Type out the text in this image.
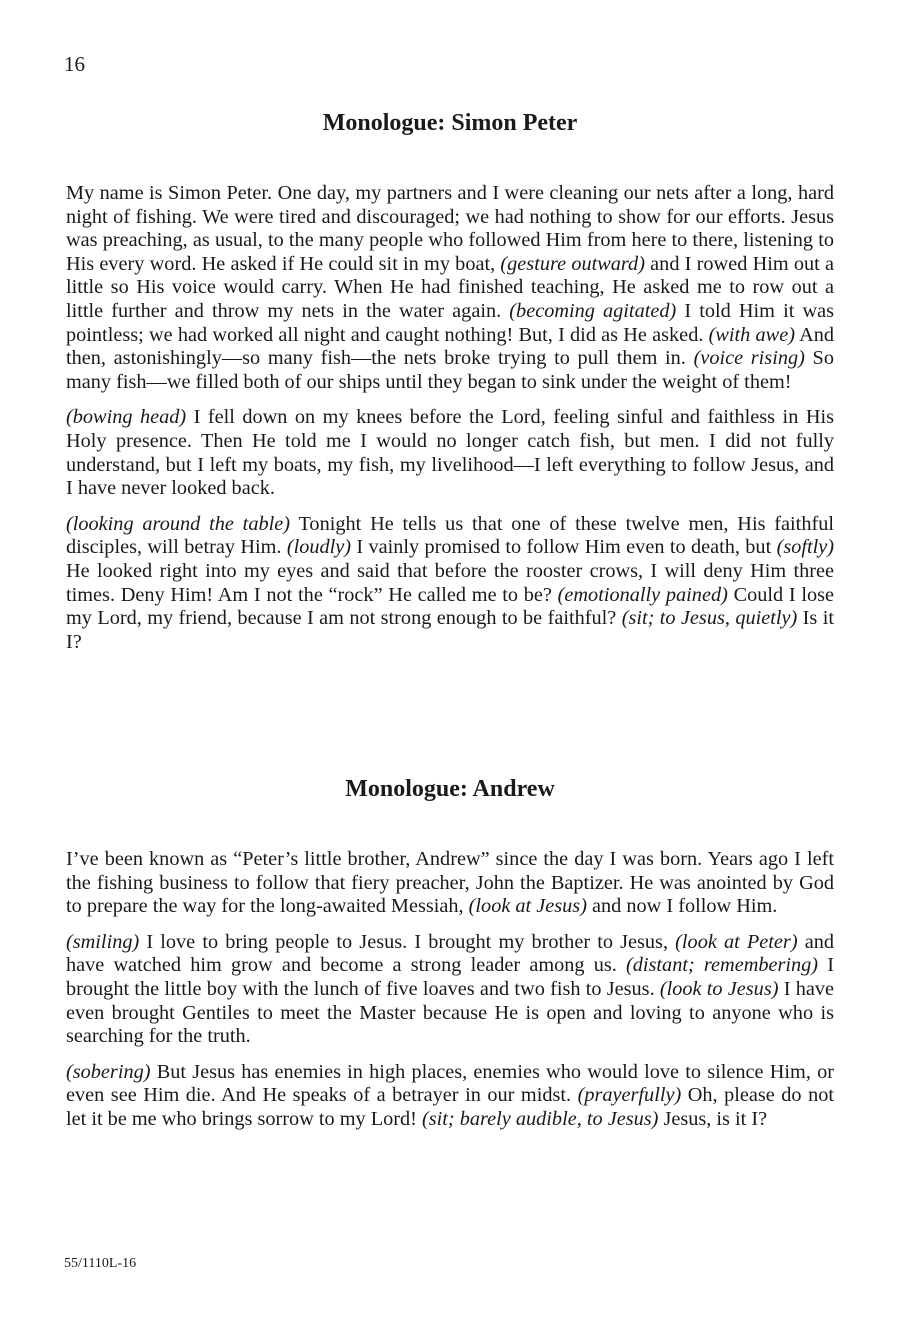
16
Monologue: Simon Peter

My name is Simon Peter. One day, my partners and I were cleaning our nets after a long, hard night of fishing. We were tired and discouraged; we had nothing to show for our efforts. Jesus was preaching, as usual, to the many people who followed Him from here to there, listening to His every word. He asked if He could sit in my boat, (gesture outward) and I rowed Him out a little so His voice would carry. When He had finished teaching, He asked me to row out a little further and throw my nets in the water again. (becoming agitated) I told Him it was pointless; we had worked all night and caught nothing! But, I did as He asked. (with awe) And then, astonishingly—so many fish—the nets broke trying to pull them in. (voice rising) So many fish—we filled both of our ships until they began to sink under the weight of them!

(bowing head) I fell down on my knees before the Lord, feeling sinful and faithless in His Holy presence. Then He told me I would no longer catch fish, but men. I did not fully understand, but I left my boats, my fish, my livelihood—I left everything to follow Jesus, and I have never looked back.

(looking around the table) Tonight He tells us that one of these twelve men, His faithful disciples, will betray Him. (loudly) I vainly promised to follow Him even to death, but (softly) He looked right into my eyes and said that before the rooster crows, I will deny Him three times. Deny Him! Am I not the “rock” He called me to be? (emotionally pained) Could I lose my Lord, my friend, because I am not strong enough to be faithful? (sit; to Jesus, quietly) Is it I?

Monologue: Andrew

I’ve been known as “Peter’s little brother, Andrew” since the day I was born. Years ago I left the fishing business to follow that fiery preacher, John the Baptizer. He was anointed by God to prepare the way for the long-awaited Messiah, (look at Jesus) and now I follow Him.

(smiling) I love to bring people to Jesus. I brought my brother to Jesus, (look at Peter) and have watched him grow and become a strong leader among us. (distant; remembering) I brought the little boy with the lunch of five loaves and two fish to Jesus. (look to Jesus) I have even brought Gentiles to meet the Master because He is open and loving to anyone who is searching for the truth.

(sobering) But Jesus has enemies in high places, enemies who would love to silence Him, or even see Him die. And He speaks of a betrayer in our midst. (prayerfully) Oh, please do not let it be me who brings sorrow to my Lord! (sit; barely audible, to Jesus) Jesus, is it I?

55/1110L-16
